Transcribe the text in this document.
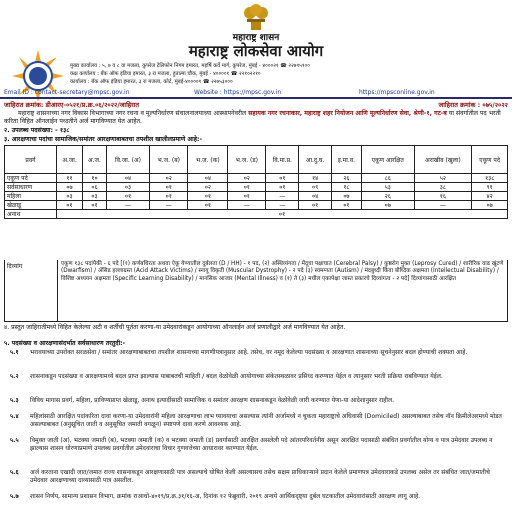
महाराष्ट्र शासन
महाराष्ट्र लोकसेवा आयोग
मुख्य कार्यालय : ५, ७ व ८ वा मजला, कुपरेज टेलिफोन निगम इमारत, महर्षि कर्वे मार्ग, कुपरेज, मुंबई - ४०००२१ ☎ २२७९५९००
कक्ष कार्यालय : बँक ऑफ इंडिया इमारत, ३ रा मजला, हुतात्मा चौक, मुंबई - ४००००१ ☎ २२१०२२१०
कार्यालय : बँक ऑफ इंडिया इमारत, ३ रा मजला, कोर्ट, मुंबई-४००००१ ☎ २२७५३०००
Email ID : contact-secretary@mpsc.gov.in	Website : https://mpsc.gov.in	https://mpsconline.gov.in
जाहिरात क्रमांक: डीआरए-०५२१/प्र.क्र.०६/२०२२/जाहिरात	जाहिरात क्रमांक : ०७५/२०२२
महाराष्ट्र शासनाच्या नगर विकास विभागाच्या नगर रचना व मूल्यनिर्धारण संचालनालयाच्या आस्थापनेवरील सहायक नगर रचनाकार, महाराष्ट्र शहर नियोजन आणि मूल्यनिर्धारण सेवा, श्रेणी-१, गट-ब या संवर्गातील पद भरती करिता विहित ऑनलाईन पध्दतीने अर्ज मागविण्यात येत आहेत.
२. उपलब्ध पदसंख्या: - १३८
३. आरक्षणाचा पदांचा सामाजिक/समांतर आरक्षणाबाबतचा तपशील खालीलप्रमाणे आहे:-
प्रवर्ग	अ.जा.	अ.ज.	वि.जा. (अ)	भ.ज. (ब)	भ.ज. (क)	भ.ज. (ड)	वि.मा.प्र.	आ.दु.घ.	इ.मा.व.	एकूण आरक्षित	अराखीव (खुला)	एकूण पदे
एकूण पदे	११	१०	०४	०२	०४	०२	०१	१४	२६	८६	५२	१३८
सर्वसाधारण	०७	०६	०३	०१	०२	०१	०१	०९	१८	५३	३८	९१
महिला	०३	०३	०१	०१	०१	०१	—	०४	०७	२६	१६	४२
खेळाडू	०१	०१	—	—	०१	—	—	०१	०१	०७	—	०७
अनाथ	०१											
दिव्यांग	एकूण १३८ पदांपैकी - ६ पदे [(१) कर्णबधिरता अथवा ऐकू येण्यातील दुर्बलता (D / HH) - १ पद, (२) अस्थिव्यंगता / मेंदूचा पक्षाघात (Cerebral Palsy) / कुष्ठरोग मुक्त (Leprosy Cured) / शारीरिक वाढ खुंटणे (Dwarfism) / ॲसिड हल्लाग्रस्त (Acid Attack Victims) / स्नायू विकृती (Muscular Dystrophy) - २ पदे (३) स्वमग्नता (Autism) / मंदबुध्दी किंवा बौध्दिक अक्षमता (Intellectual Disability) / विशिष्ट अध्ययन अक्षमता (Specific Learning Disability) / मानसिक आजार (Mental Illness) व (१) ते (३) मधील एकापेक्षा जास्त प्रकारचे दिव्यांगत्व - २ पदे] दिव्यांगासाठी आरक्षित
४. प्रस्तुत जाहिरातीमध्ये विहित केलेल्या अटी व शर्तीची पूर्तता करणा-या उमेदवारांकडून आयोगाच्या ऑनलाईन अर्ज प्रणालीद्वारे अर्ज मागविण्यात येत आहेत.
५. पदसंख्या व आरक्षणासंदर्भात सर्वसाधारण तरतुदी:-
५.१ भरावयाच्या उपरोक्त सरळसेवा / समांतर आरक्षणाबाबतचा तपशील शासनाच्या मागणीपत्रानुसार आहे. तसेच, वर नमूद केलेल्या पदसंख्या व आरक्षणात शासनाच्या सूचनेनुसार बदल होण्याची शक्यता आहे.
५.२ शासनाकडून पदसंख्या व आरक्षणामध्ये बदल प्राप्त झाल्यास याबाबतची माहिती / बदल वेळोवेळी आयोगाच्या संकेतस्थळावर प्रसिध्द करण्यात येईल व त्यानुसार भरती प्रक्रिया राबविण्यात येईल.
५.३ विविध मागास प्रवर्ग, महिला, प्राविण्यप्राप्त खेळाडू, अनाथ इत्यादींसाठी सामाजिक व समांतर आरक्षण शासनाकडून वेळोवेळी जारी करण्यात येणा-या आदेशानुसार राहील.
५.४ महिलांसाठी आरक्षित पदांकरिता दावा करणा-या उमेदवारांनी महिला आरक्षणाचा लाभ घ्यावयाचा असल्यास त्यांनी अर्जामध्ये न चुकता महाराष्ट्राचे अधिवासी (Domiciled) असल्याबाबत तसेच नॉन क्रिमीलेअरमध्ये मोडत असल्याबाबत (अनुसूचित जाती व अनुसूचित जमाती वगळून) स्पष्टपणे दावा करणे आवश्यक आहे.
५.५ विमुक्त जाती (अ), भटक्या जमाती (ब), भटक्या जमाती (क) व भटक्या जमाती (ड) प्रवर्गासाठी आरक्षित असलेली पदे आंतरपरिवर्तनीय असून आरक्षित पदासाठी संबंधित प्रवर्गातील योग्य व पात्र उमेदवार उपलब्ध न झाल्यास शासन धोरणाप्रमाणे उपलब्ध प्रवर्गातील उमेदवाराचा विचार गुणवत्तेच्या आधारावर करण्यात येईल.
५.६ अर्ज करताना एखादी जात/जमात राज्य शासनाकडून आरक्षणासाठी पात्र असल्याचे घोषित केली असल्यासच तसेच सक्षम प्राधिकाऱ्याने प्रदान केलेले प्रमाणपत्र उमेदवाराकडे उपलब्ध असेल तर संबंधित जात/जमातीचे उमेदवार आरक्षणाच्या दाव्यासाठी पात्र असतील.
५.७ शासन निर्णय, सामान्य प्रशासन विभाग, क्रमांक राआधो-४०१९/प्र.क्र.३१/१६-अ, दिनांक १२ फेब्रुवारी, २०१९ अन्वये आर्थिकदृष्ट्या दुर्बल घटकातील उमेदवारांसाठी आरक्षण लागू आहे.
